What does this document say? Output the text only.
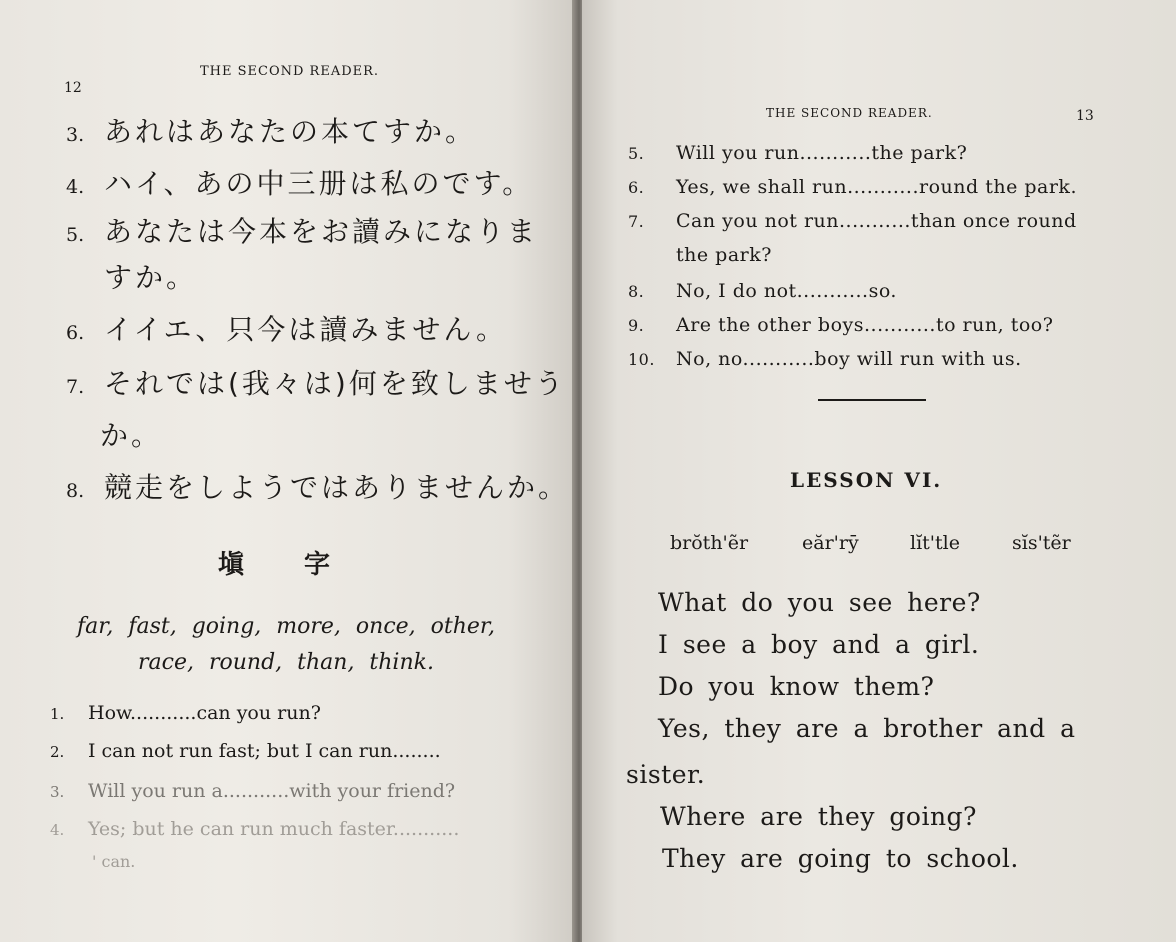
12
THE SECOND READER.
3. あれはあなたの本てすか。
4. ハイ、あの中三册は私のです。
5. あなたは今本をお讀みになりま
すか。
6. イイエ、只今は讀みません。
7. それでは(我々は)何を致しませう
か。
8. 競走をしようではありませんか。
塡字
far, fast, going, more, once, other,
race, round, than, think.
1. How...........can you run?
2. I can not run fast; but I can run........
3. Will you run a...........with your friend?
4. Yes; but he can run much faster...........
' can.
THE SECOND READER.	13
5. Will you run...........the park?
6. Yes, we shall run...........round the park.
7. Can you not run...........than once round
the park?
8. No, I do not...........so.
9. Are the other boys...........to run, too?
10. No, no...........boy will run with us.
LESSON VI.
brŏth'ẽr	eăr'rȳ	lĭt'tle	sĭs'tẽr
What do you see here?
I see a boy and a girl.
Do you know them?
Yes, they are a brother and a
sister.
Where are they going?
They are going to school.
